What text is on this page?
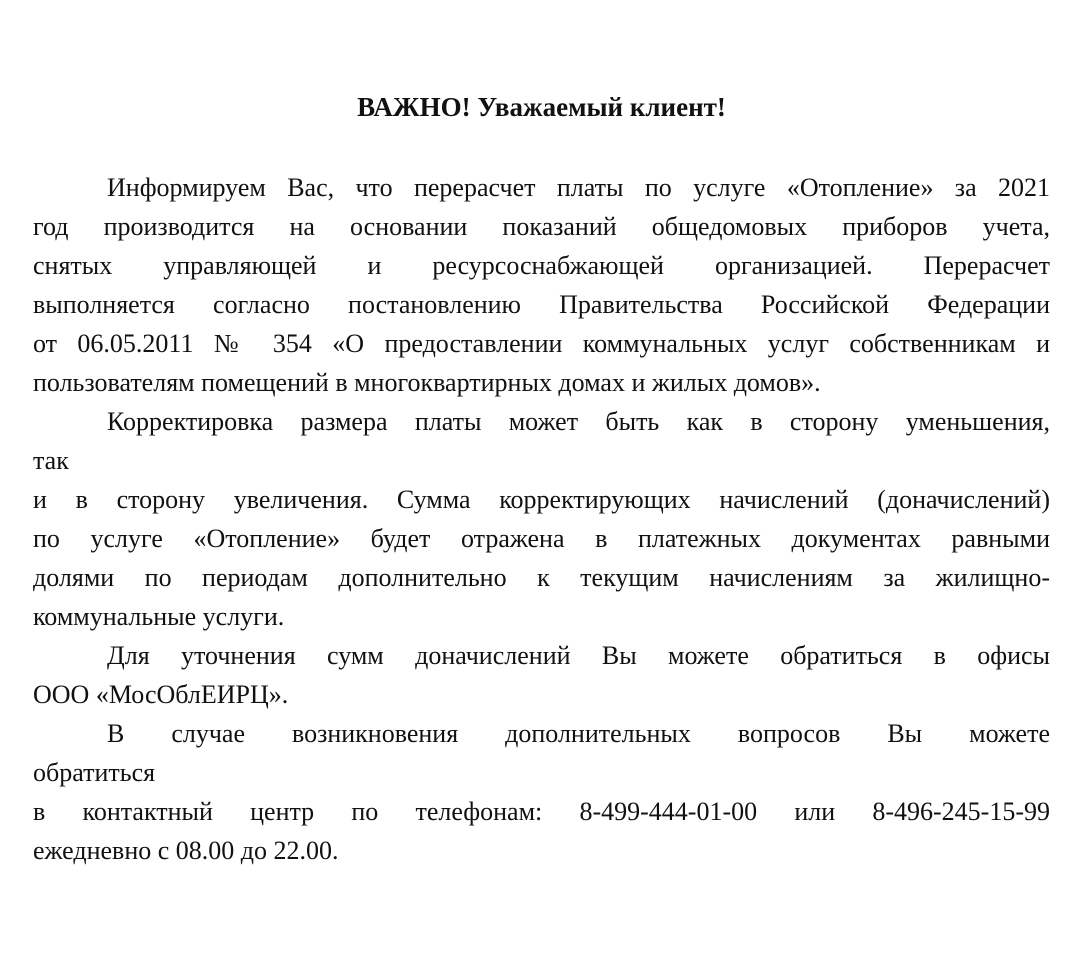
ВАЖНО! Уважаемый клиент!
Информируем Вас, что перерасчет платы по услуге «Отопление» за 2021
год производится на основании показаний общедомовых приборов учета,
снятых управляющей и ресурсоснабжающей организацией. Перерасчет
выполняется согласно постановлению Правительства Российской Федерации
от 06.05.2011 № 354 «О предоставлении коммунальных услуг собственникам и
пользователям помещений в многоквартирных домах и жилых домов».
Корректировка размера платы может быть как в сторону уменьшения,
так
и в сторону увеличения. Сумма корректирующих начислений (доначислений)
по услуге «Отопление» будет отражена в платежных документах равными
долями по периодам дополнительно к текущим начислениям за жилищно-
коммунальные услуги.
Для уточнения сумм доначислений Вы можете обратиться в офисы
ООО «МосОблЕИРЦ».
В случае возникновения дополнительных вопросов Вы можете
обратиться
в контактный центр по телефонам: 8-499-444-01-00 или 8-496-245-15-99
ежедневно с 08.00 до 22.00.
